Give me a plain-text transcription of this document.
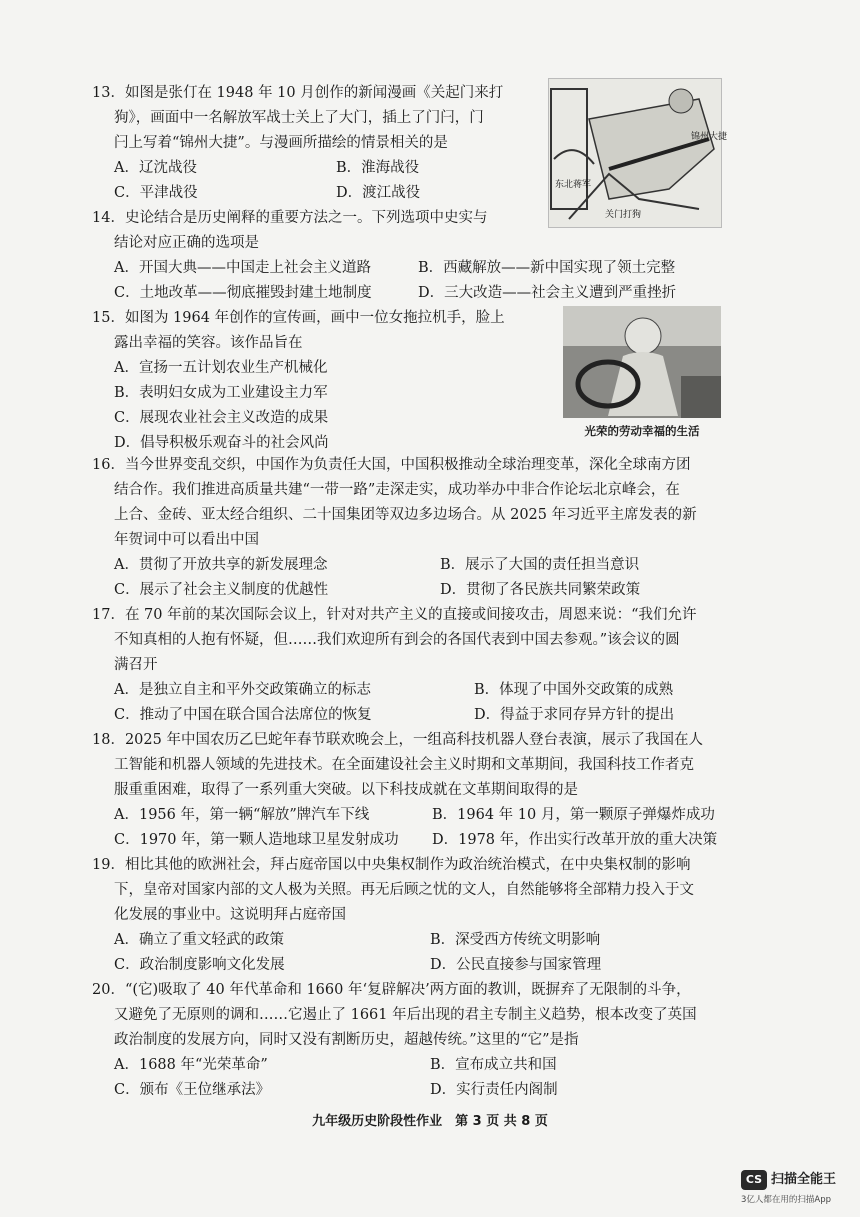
13．如图是张仃在 1948 年 10 月创作的新闻漫画《关起门来打
狗》，画面中一名解放军战士关上了大门，插上了门闩，门
闩上写着“锦州大捷”。与漫画所描绘的情景相关的是
A．辽沈战役	B．淮海战役
C．平津战役	D．渡江战役
锦州大捷
东北蒋军
关门打狗
14．史论结合是历史阐释的重要方法之一。下列选项中史实与
结论对应正确的选项是
A．开国大典——中国走上社会主义道路	B．西藏解放——新中国实现了领土完整
C．土地改革——彻底摧毁封建土地制度	D．三大改造——社会主义遭到严重挫折
15．如图为 1964 年创作的宣传画，画中一位女拖拉机手，脸上
露出幸福的笑容。该作品旨在
A．宣扬一五计划农业生产机械化
B．表明妇女成为工业建设主力军
C．展现农业社会主义改造的成果
D．倡导积极乐观奋斗的社会风尚
光荣的劳动幸福的生活
16．当今世界变乱交织，中国作为负责任大国，中国积极推动全球治理变革，深化全球南方团
结合作。我们推进高质量共建“一带一路”走深走实，成功举办中非合作论坛北京峰会，在
上合、金砖、亚太经合组织、二十国集团等双边多边场合。从 2025 年习近平主席发表的新
年贺词中可以看出中国
A．贯彻了开放共享的新发展理念	B．展示了大国的责任担当意识
C．展示了社会主义制度的优越性	D．贯彻了各民族共同繁荣政策
17．在 70 年前的某次国际会议上，针对对共产主义的直接或间接攻击，周恩来说：“我们允许
不知真相的人抱有怀疑，但……我们欢迎所有到会的各国代表到中国去参观。”该会议的圆
满召开
A．是独立自主和平外交政策确立的标志	B．体现了中国外交政策的成熟
C．推动了中国在联合国合法席位的恢复	D．得益于求同存异方针的提出
18．2025 年中国农历乙巳蛇年春节联欢晚会上，一组高科技机器人登台表演，展示了我国在人
工智能和机器人领域的先进技术。在全面建设社会主义时期和文革期间，我国科技工作者克
服重重困难，取得了一系列重大突破。以下科技成就在文革期间取得的是
A．1956 年，第一辆“解放”牌汽车下线	B．1964 年 10 月，第一颗原子弹爆炸成功
C．1970 年，第一颗人造地球卫星发射成功 D．1978 年，作出实行改革开放的重大决策
19．相比其他的欧洲社会，拜占庭帝国以中央集权制作为政治统治模式，在中央集权制的影响
下，皇帝对国家内部的文人极为关照。再无后顾之忧的文人，自然能够将全部精力投入于文
化发展的事业中。这说明拜占庭帝国
A．确立了重文轻武的政策	B．深受西方传统文明影响
C．政治制度影响文化发展	D．公民直接参与国家管理
20．“(它)吸取了 40 年代革命和 1660 年‘复辟解决’两方面的教训，既摒弃了无限制的斗争，
又避免了无原则的调和……它遏止了 1661 年后出现的君主专制主义趋势，根本改变了英国
政治制度的发展方向，同时又没有割断历史，超越传统。”这里的“它”是指
A．1688 年“光荣革命”	B．宣布成立共和国
C．颁布《王位继承法》	D．实行责任内阁制
九年级历史阶段性作业　第 3 页 共 8 页
CS 扫描全能王
3亿人都在用的扫描App
